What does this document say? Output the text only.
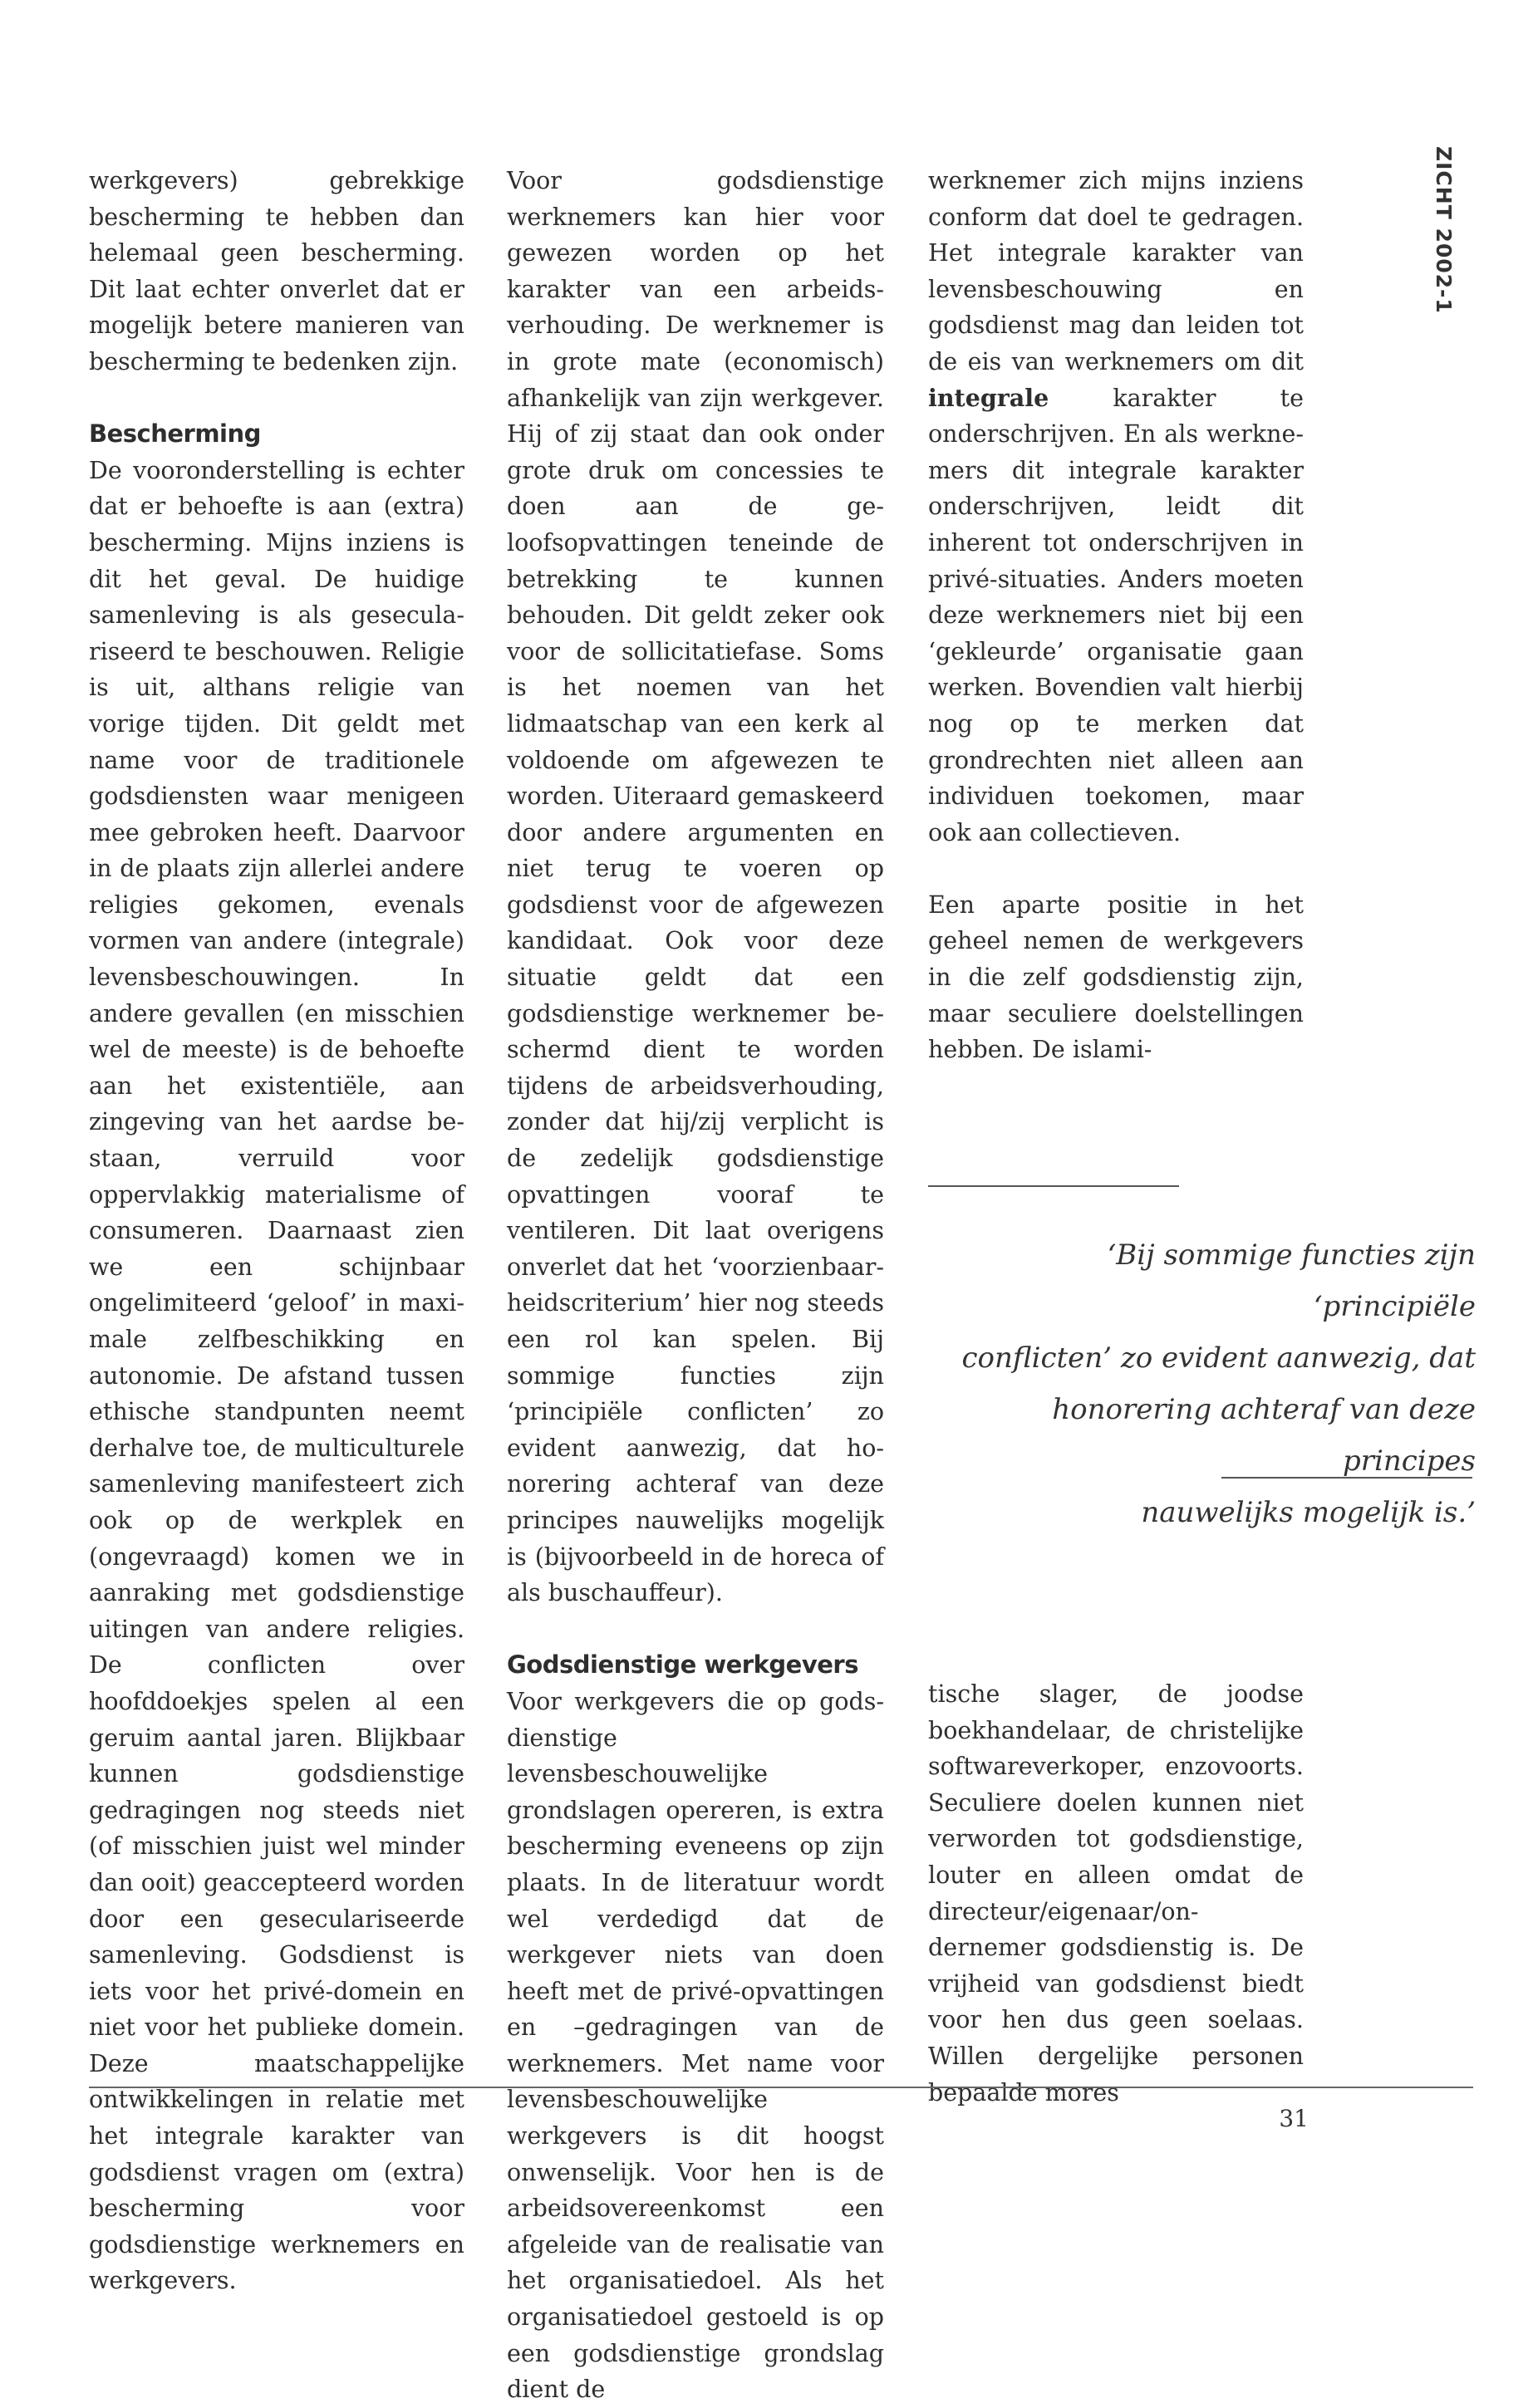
ZICHT 2002-1

werkgevers) gebrekkige bescherming te hebben dan helemaal geen bescherming. Dit laat echter onverlet dat er mogelijk betere manieren van bescherming te bedenken zijn.

Bescherming

De vooronderstelling is echter dat er behoefte is aan (extra) bescherming. Mijns inziens is dit het geval. De huidige samenleving is als geseculariseerd te beschouwen. Religie is uit, althans religie van vorige tijden. Dit geldt met name voor de traditionele godsdiensten waar menigeen mee gebroken heeft. Daarvoor in de plaats zijn allerlei andere religies gekomen, evenals vormen van andere (integrale) levensbeschouwingen. In andere gevallen (en misschien wel de meeste) is de behoefte aan het existentiële, aan zingeving van het aardse bestaan, verruild voor oppervlakkig materialisme of consumeren. Daarnaast zien we een schijnbaar ongelimiteerd ‘geloof’ in maximale zelfbeschikking en autonomie. De afstand tussen ethische standpunten neemt derhalve toe, de multiculturele samenleving manifesteert zich ook op de werkplek en (ongevraagd) komen we in aanraking met godsdienstige uitingen van andere religies. De conflicten over hoofddoekjes spelen al een geruim aantal jaren. Blijkbaar kunnen godsdienstige gedragingen nog steeds niet (of misschien juist wel minder dan ooit) geaccepteerd worden door een geseculariseerde samenleving. Godsdienst is iets voor het privé-domein en niet voor het publieke domein. Deze maatschappelijke ontwikkelingen in relatie met het integrale karakter van godsdienst vragen om (extra) bescherming voor godsdienstige werknemers en werkgevers.

Voor godsdienstige werknemers kan hier voor gewezen worden op het karakter van een arbeidsverhouding. De werknemer is in grote mate (economisch) afhankelijk van zijn werkgever. Hij of zij staat dan ook onder grote druk om concessies te doen aan de geloofsopvattingen teneinde de betrekking te kunnen behouden. Dit geldt zeker ook voor de sollicitatiefase. Soms is het noemen van het lidmaatschap van een kerk al voldoende om afgewezen te worden. Uiteraard gemaskeerd door andere argumenten en niet terug te voeren op godsdienst voor de afgewezen kandidaat. Ook voor deze situatie geldt dat een godsdienstige werknemer beschermd dient te worden tijdens de arbeidsverhouding, zonder dat hij/zij verplicht is de zedelijk godsdienstige opvattingen vooraf te ventileren. Dit laat overigens onverlet dat het ‘voorzienbaarheidscriterium’ hier nog steeds een rol kan spelen. Bij sommige functies zijn ‘principiële conflicten’ zo evident aanwezig, dat honorering achteraf van deze principes nauwelijks mogelijk is (bijvoorbeeld in de horeca of als buschauffeur).

Godsdienstige werkgevers

Voor werkgevers die op godsdienstige levensbeschouwelijke grondslagen opereren, is extra bescherming eveneens op zijn plaats. In de literatuur wordt wel verdedigd dat de werkgever niets van doen heeft met de privé-opvattingen en –gedragingen van de werknemers. Met name voor levensbeschouwelijke werkgevers is dit hoogst onwenselijk. Voor hen is de arbeidsovereenkomst een afgeleide van de realisatie van het organisatiedoel. Als het organisatiedoel gestoeld is op een godsdienstige grondslag dient de

werknemer zich mijns inziens conform dat doel te gedragen. Het integrale karakter van levensbeschouwing en godsdienst mag dan leiden tot de eis van werknemers om dit integrale	karakter te onderschrijven. En als werknemers dit integrale karakter onderschrijven, leidt dit inherent tot onderschrijven in privé-situaties. Anders moeten deze werknemers niet bij een ‘gekleurde’ organisatie gaan werken. Bovendien valt hierbij nog op te merken dat grondrechten niet alleen aan individuen toekomen, maar ook aan collectieven.

Een aparte positie in het geheel nemen de werkgevers in die zelf godsdienstig zijn, maar seculiere doelstellingen hebben. De islami-

‘Bij sommige functies zijn ‘principiële
conflicten’ zo evident aanwezig, dat
honorering achteraf van deze principes
nauwelijks mogelijk is.’

tische slager, de joodse boekhandelaar, de christelijke softwareverkoper, enzovoorts. Seculiere doelen kunnen niet verworden tot godsdienstige, louter en alleen omdat de directeur/eigenaar/ondernemer godsdienstig is. De vrijheid van godsdienst biedt voor hen dus geen soelaas. Willen dergelijke personen bepaalde mores

31
